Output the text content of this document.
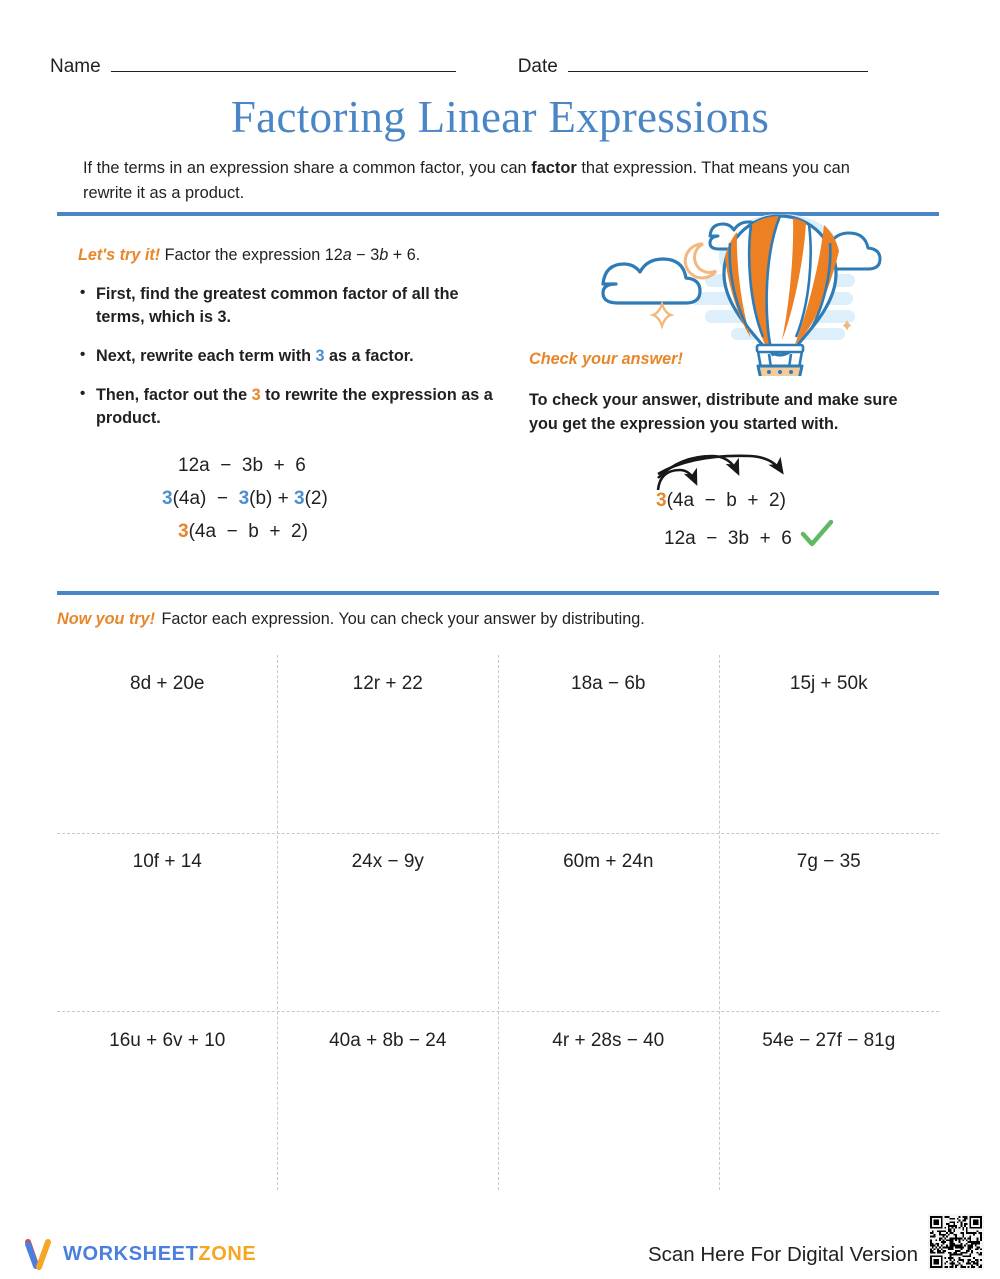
Name	Date
Factoring Linear Expressions
If the terms in an expression share a common factor, you can factor that expression. That means you can rewrite it as a product.
Let's try it! Factor the expression 12a − 3b + 6.
• First, find the greatest common factor of all the terms, which is 3.
• Next, rewrite each term with 3 as a factor.
• Then, factor out the 3 to rewrite the expression as a product.
12a  −  3b  +  6
3(4a)  −  3(b) + 3(2)
3(4a  −  b  +  2)
Check your answer!
To check your answer, distribute and make sure you get the expression you started with.
3(4a  −  b  +  2)
12a  −  3b  +  6
Now you try! Factor each expression. You can check your answer by distributing.
8d + 20e	12r + 22	18a − 6b	15j + 50k
10f + 14	24x − 9y	60m + 24n	7g − 35
16u + 6v + 10	40a + 8b − 24	4r + 28s − 40	54e − 27f − 81g
WORKSHEETZONE	Scan Here For Digital Version
